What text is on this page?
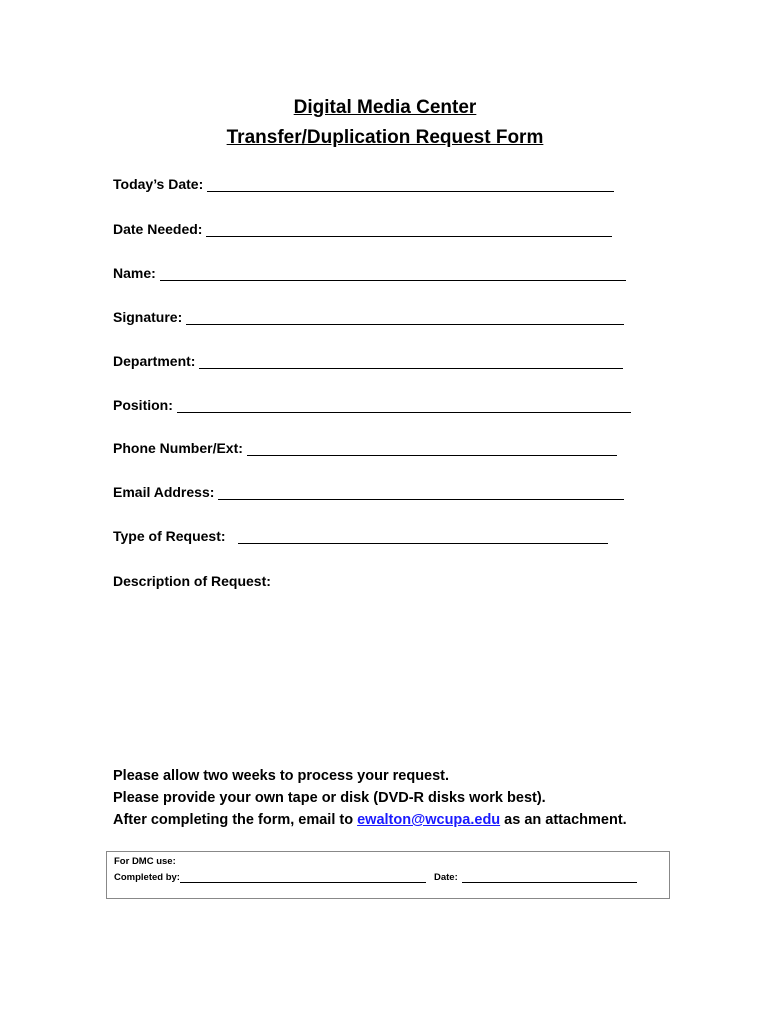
Digital Media Center
Transfer/Duplication Request Form
Today’s Date:
Date Needed:
Name:
Signature:
Department:
Position:
Phone Number/Ext:
Email Address:
Type of Request:
Description of Request:
Please allow two weeks to process your request.
Please provide your own tape or disk (DVD-R disks work best).
After completing the form, email to ewalton@wcupa.edu as an attachment.
For DMC use:
Completed by:	Date:
